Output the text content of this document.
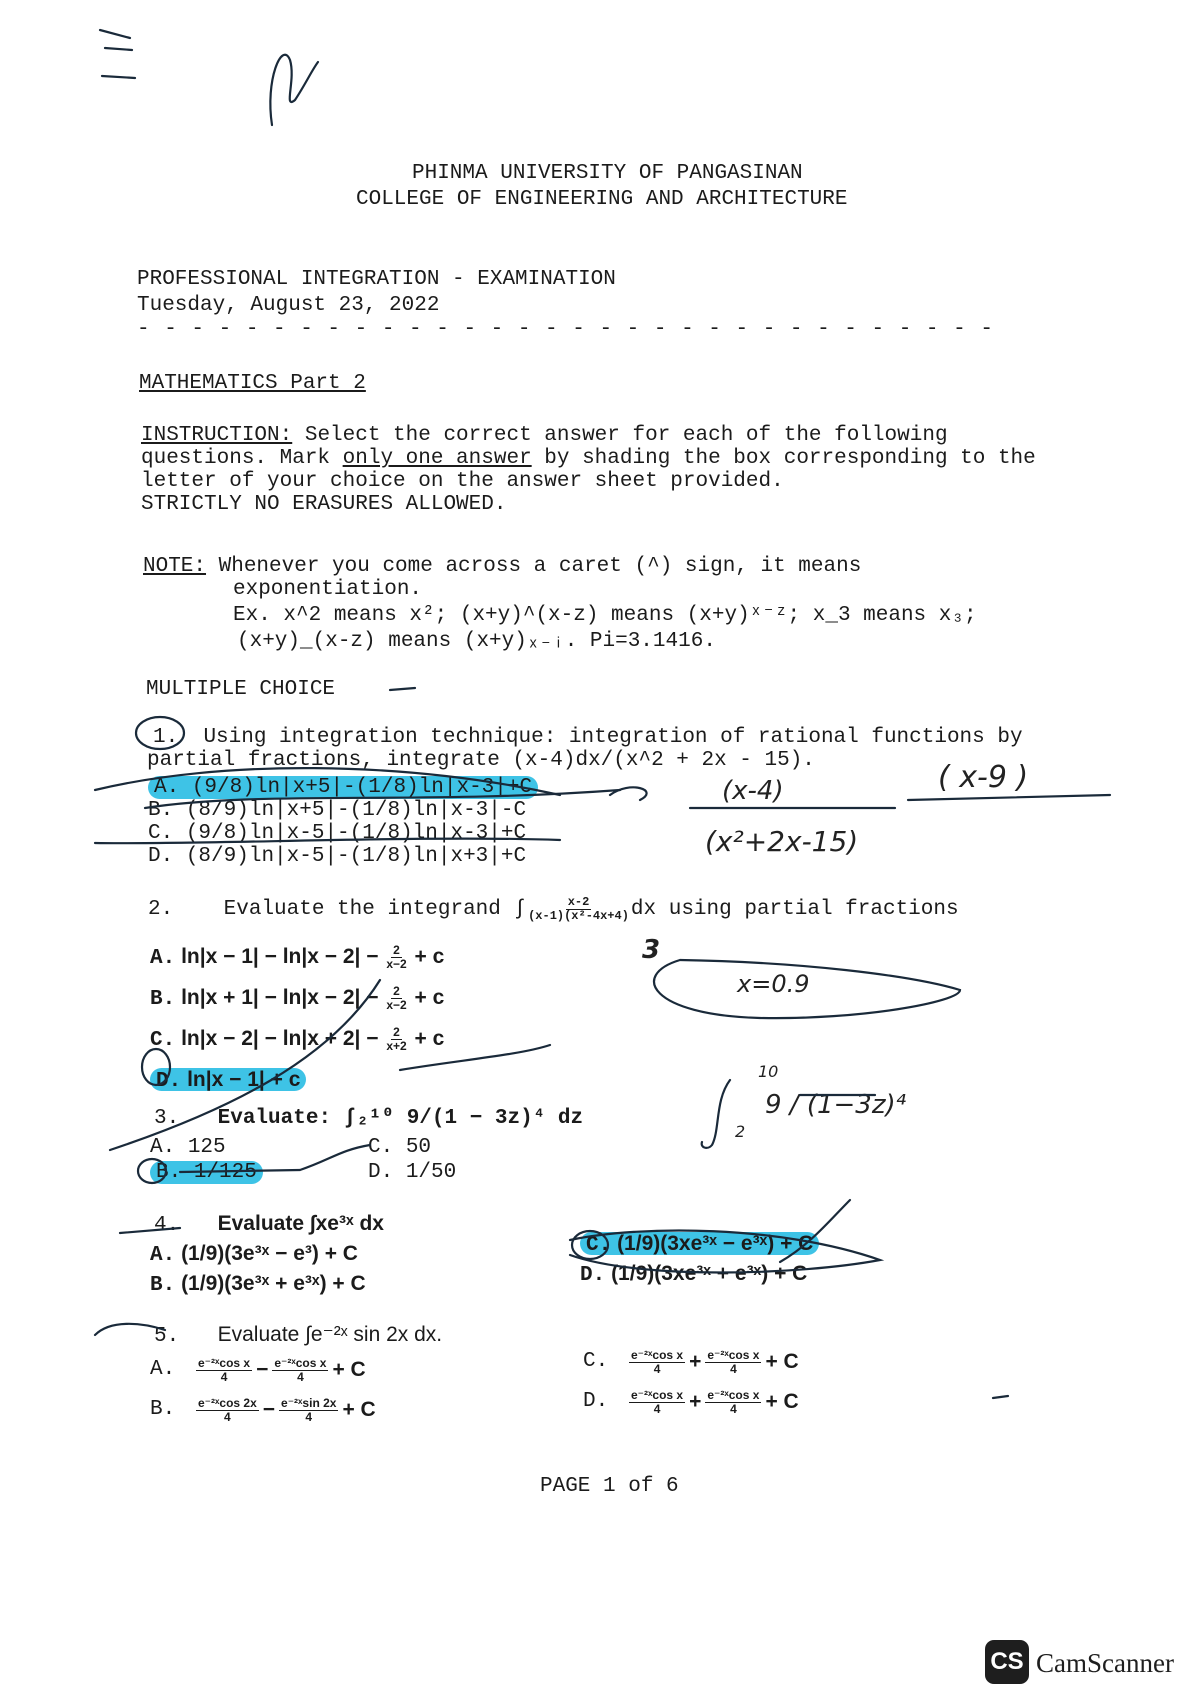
PHINMA UNIVERSITY OF PANGASINAN
COLLEGE OF ENGINEERING AND ARCHITECTURE
PROFESSIONAL INTEGRATION - EXAMINATION
Tuesday, August 23, 2022
- - - - - - - - - - - - - - - - - - - - - - - - - - - - - - - -
MATHEMATICS Part 2
INSTRUCTION: Select the correct answer for each of the following
questions. Mark only one answer by shading the box corresponding to the
letter of your choice on the answer sheet provided.
STRICTLY NO ERASURES ALLOWED.
NOTE: Whenever you come across a caret (^) sign, it means
exponentiation.
Ex. x^2 means x²; (x+y)^(x-z) means (x+y)ˣ⁻ᶻ; x_3 means x₃;
(x+y)_(x-z) means (x+y)ₓ₋ᵢ. Pi=3.1416.
MULTIPLE CHOICE
1. Using integration technique: integration of rational functions by
partial fractions, integrate (x-4)dx/(x^2 + 2x - 15).
A. (9/8)ln|x+5|-(1/8)ln|x-3|+C
B. (8/9)ln|x+5|-(1/8)ln|x-3|-C
C. (9/8)ln|x-5|-(1/8)ln|x-3|+C
D. (8/9)ln|x-5|-(1/8)ln|x+3|+C
2.
Evaluate the integrand ∫ $\frac{x-2}{\text{(x-1)(x²-4x+4)}}$ dx using partial fractions
A. $\ln|x - 1| - \ln|x - 2| - \frac{2}{x-2} + c$
B. $\ln|x + 1| - \ln|x - 2| - \frac{2}{x-2} + c$
C. $\ln|x - 2| - \ln|x + 2| - \frac{2}{x+2} + c$
D. ln|x − 1| + c
3. Evaluate: ∫₂¹⁰ 9/(1 − 3z)⁴ dz
A. 125	C. 50
B. 1/125	D. 1/50
4. Evaluate ∫xe³ˣ dx
A. (1/9)(3e³ˣ − e³) + C
B. (1/9)(3e³ˣ + e³ˣ) + C
C. (1/9)(3xe³ˣ − e³ˣ) + C
D. (1/9)(3xe³ˣ + e³ˣ) + C
5. Evaluate ∫e⁻²ˣ sin 2x dx.
A.	$\frac{\text{e⁻²ˣcos x}}{4} - \frac{\text{e⁻²ˣcos x}}{4} + C$
B.	$\frac{\text{e⁻²ˣcos 2x}}{4} - \frac{\text{e⁻²ˣsin 2x}}{4} + C$
C.	$\frac{\text{e⁻²ˣcos x}}{4} + \frac{\text{e⁻²ˣcos x}}{4} + C$
D.	$\frac{\text{e⁻²ˣcos x}}{4} + \frac{\text{e⁻²ˣcos x}}{4} + C$
PAGE 1 of 6
CS CamScanner
(x-4)
(x²+2x-15)
( x-9 )
x=0.9
3
10
2
9 / (1−3z)⁴
